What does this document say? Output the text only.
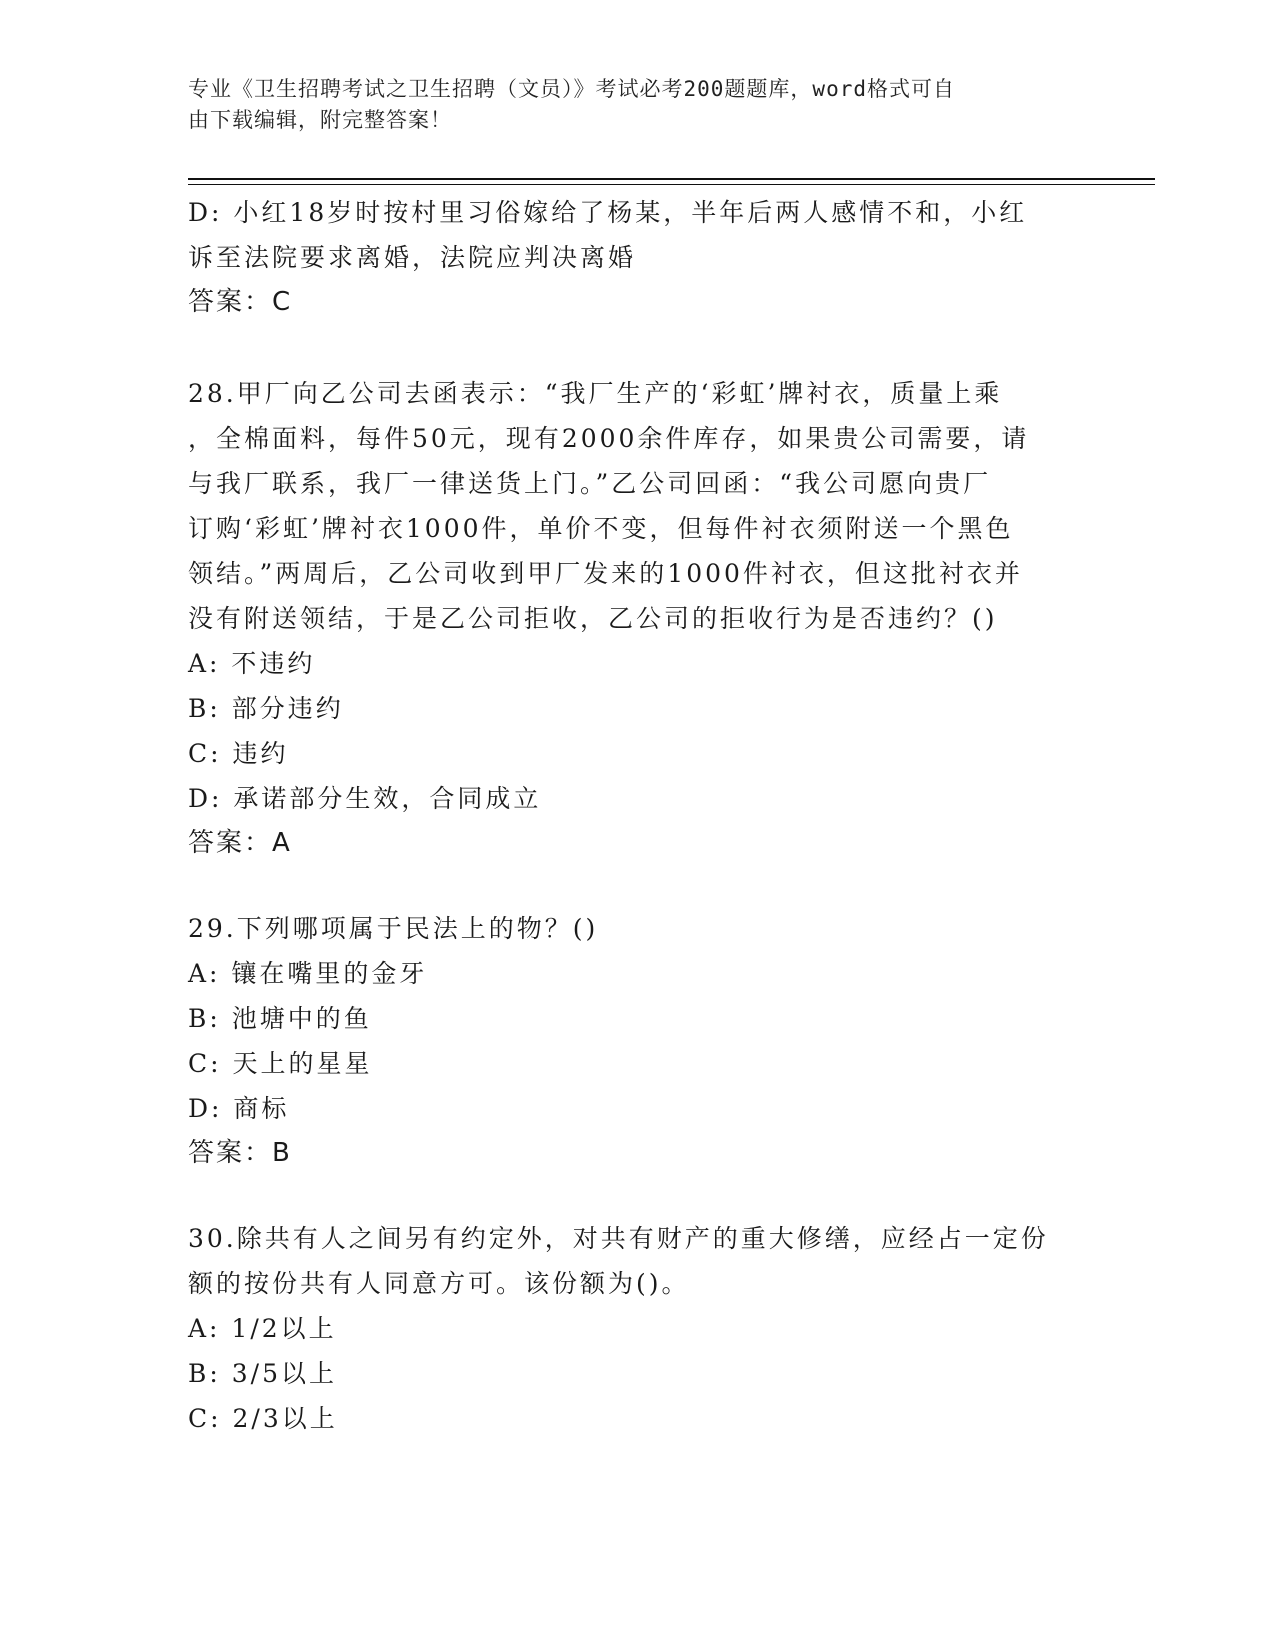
专业《卫生招聘考试之卫生招聘（文员）》考试必考200题题库，word格式可自
由下载编辑，附完整答案！
D: 小红18岁时按村里习俗嫁给了杨某，半年后两人感情不和，小红
诉至法院要求离婚，法院应判决离婚
答案：C
28.甲厂向乙公司去函表示：“我厂生产的‘彩虹’牌衬衣，质量上乘
，全棉面料，每件50元，现有2000余件库存，如果贵公司需要，请
与我厂联系，我厂一律送货上门。”乙公司回函：“我公司愿向贵厂
订购‘彩虹’牌衬衣1000件，单价不变，但每件衬衣须附送一个黑色
领结。”两周后，乙公司收到甲厂发来的1000件衬衣，但这批衬衣并
没有附送领结，于是乙公司拒收，乙公司的拒收行为是否违约？()
A: 不违约
B: 部分违约
C: 违约
D: 承诺部分生效，合同成立
答案：A
29.下列哪项属于民法上的物？()
A: 镶在嘴里的金牙
B: 池塘中的鱼
C: 天上的星星
D: 商标
答案：B
30.除共有人之间另有约定外，对共有财产的重大修缮，应经占一定份
额的按份共有人同意方可。该份额为()。
A: 1/2以上
B: 3/5以上
C: 2/3以上
